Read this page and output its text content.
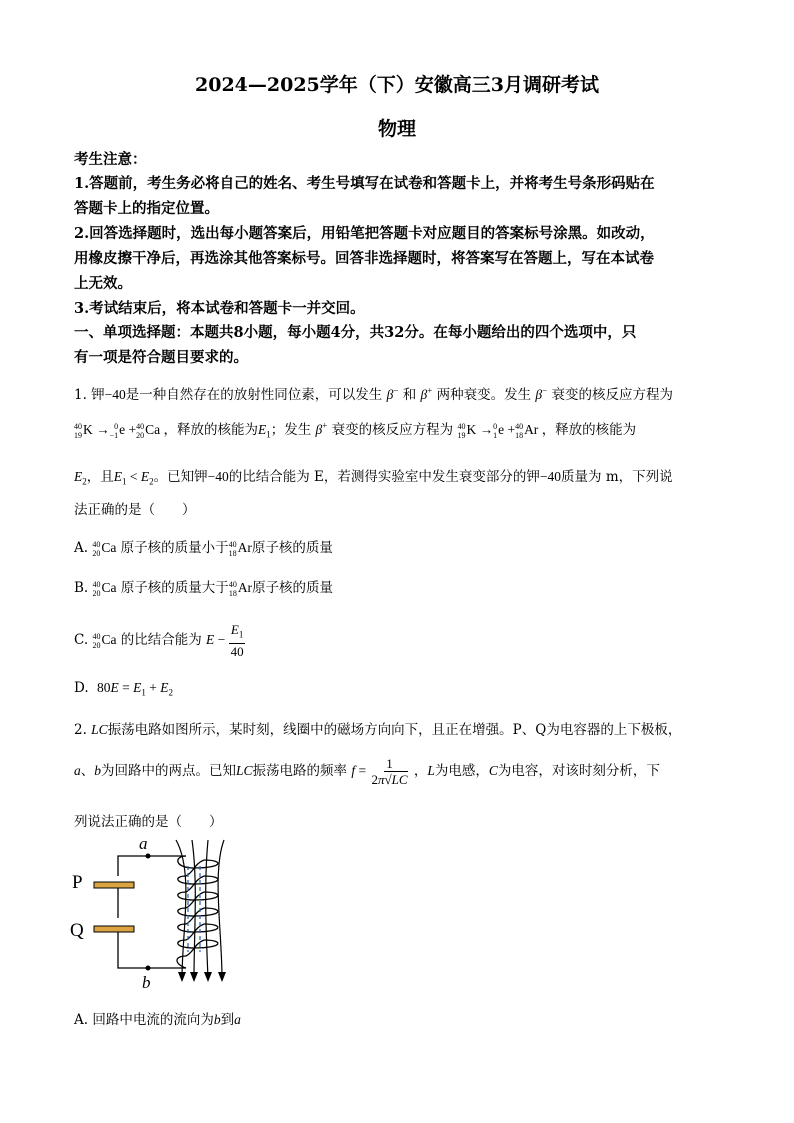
2024—2025学年（下）安徽高三3月调研考试
物理
考生注意：
1.答题前，考生务必将自己的姓名、考生号填写在试卷和答题卡上，并将考生号条形码贴在
答题卡上的指定位置。
2.回答选择题时，选出每小题答案后，用铅笔把答题卡对应题目的答案标号涂黑。如改动，
用橡皮擦干净后，再选涂其他答案标号。回答非选择题时，将答案写在答题上，写在本试卷
上无效。
3.考试结束后，将本试卷和答题卡一并交回。
一、单项选择题：本题共8小题，每小题4分，共32分。在每小题给出的四个选项中，只
有一项是符合题目要求的。
1. 钾−40是一种自然存在的放射性同位素，可以发生 β− 和 β+ 两种衰变。发生 β− 衰变的核反应方程为
40
19 K → 0
−1 e + 40
20 Ca ，释放的核能为$E_1$；发生 β+ 衰变的核反应方程为 40
19 K → 0
1 e + 40
18 Ar ，释放的核能为
$E_2$，且$E_1 < E_2$。已知钾−40的比结合能为 E，若测得实验室中发生衰变部分的钾−40质量为 m，下列说
法正确的是（　　）
A. 40
20 Ca 原子核的质量小于 40
18 Ar原子核的质量
B. 40
20 Ca 原子核的质量大于 40
18 Ar原子核的质量
C. 40
20 Ca 的比结合能为 $E - \frac{E_1}{40}$
D. $80E = E_1 + E_2$
2. LC振荡电路如图所示，某时刻，线圈中的磁场方向向下，且正在增强。P、Q为电容器的上下极板，
a、b为回路中的两点。已知LC振荡电路的频率 $f = \frac{1}{2\pi√LC}$ ，L为电感，C为电容，对该时刻分析，下
列说法正确的是（　　）
a
b
P
Q
A. 回路中电流的流向为b到a
